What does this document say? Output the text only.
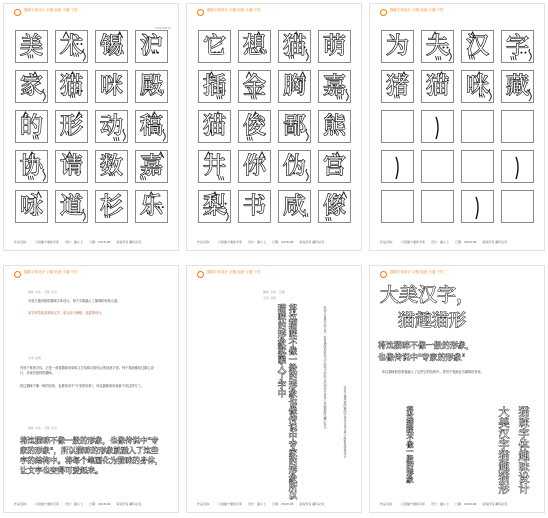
猫咪字体设计 字酷 创意·卡通·个性
CONTENTS
美 术 锡 沪
家 猫 咪 殿
的 形 动 稿
协 请 数 嘉
咏 道 杉 乐
作品名称： 口袋猫卡通体字库 设计：猫小七 日期：2018.06 版权所有 翻印必究
猫咪字体设计 字酷 创意·卡通·个性
它 想 猫 萌
插 金 胸 嘉
猫 俊 鄙 熊
井 你 伪 宫
梨 书 咸 像
作品名称： 口袋猫卡通体字库 设计：猫小七 日期：2018.06 版权所有 翻印必究
猫咪字体设计 字酷 创意·卡通·个性
为 夫 汉 字
猪 猫 咪 藏
作品名称： 口袋猫卡通体字库 设计：猫小七 日期：2018.06 版权所有 翻印必究
猫咪字体设计 字酷 创意·卡通·个性
猫咪 字体 · 字酷 系列
可爱卡通风格的猫咪字体设计，每个字都融入了猫咪的形象元素。
本字库共收录常用汉字，适合用于海报、包装等设计。
字库 说明
有别于常规字体，它是一套将猫咪形象和文字结构巧妙结合的创意字体。每个笔画都经过精心设计，呈现出独特的趣味。
将这猫咪不像一般的形象，也像传说中"专家的形象"，所以猫咪的形象就不用这样写了。
猫咪 字体 · 字酷 系列
将这猫咪不像一般的形象，也像传说中"专家的形象"，所以猫咪的形象就融入了这些字的结构中。将每个笔画化为猫咪的身体，让文字也变得可爱起来。
作品名称： 口袋猫卡通体字库 设计：猫小七 日期：2018.06 版权所有 翻印必究
猫咪字体设计 字酷 创意·卡通·个性
猫咪 字体 · 字酷
字库 说明
将这猫咪不像一般的形象也像传说中专家的形象所以猫咪的形象就融入了字中	有别于常规字体它是一套将猫咪形象和文字结构巧妙结合的创意字体每个笔画都经过精心设计	可爱卡通风格的猫咪字体设计适合用于海报包装等设计
作品名称： 口袋猫卡通体字库 设计：猫小七 日期：2018.06 版权所有 翻印必究
猫咪字体设计 字酷 创意·卡通·个性
大美汉字，
猫趣猫形
将这猫咪不像一般的形象，
也像传说中"专家的形象"
所以猫咪的形象就融入了这些字的结构中。将每个笔画化为猫咪的身体。
将这猫咪不像一般的形象	大美汉字猫趣猫形 猫咪字体趣味设计
作品名称： 口袋猫卡通体字库 设计：猫小七 日期：2018.06 版权所有 翻印必究
